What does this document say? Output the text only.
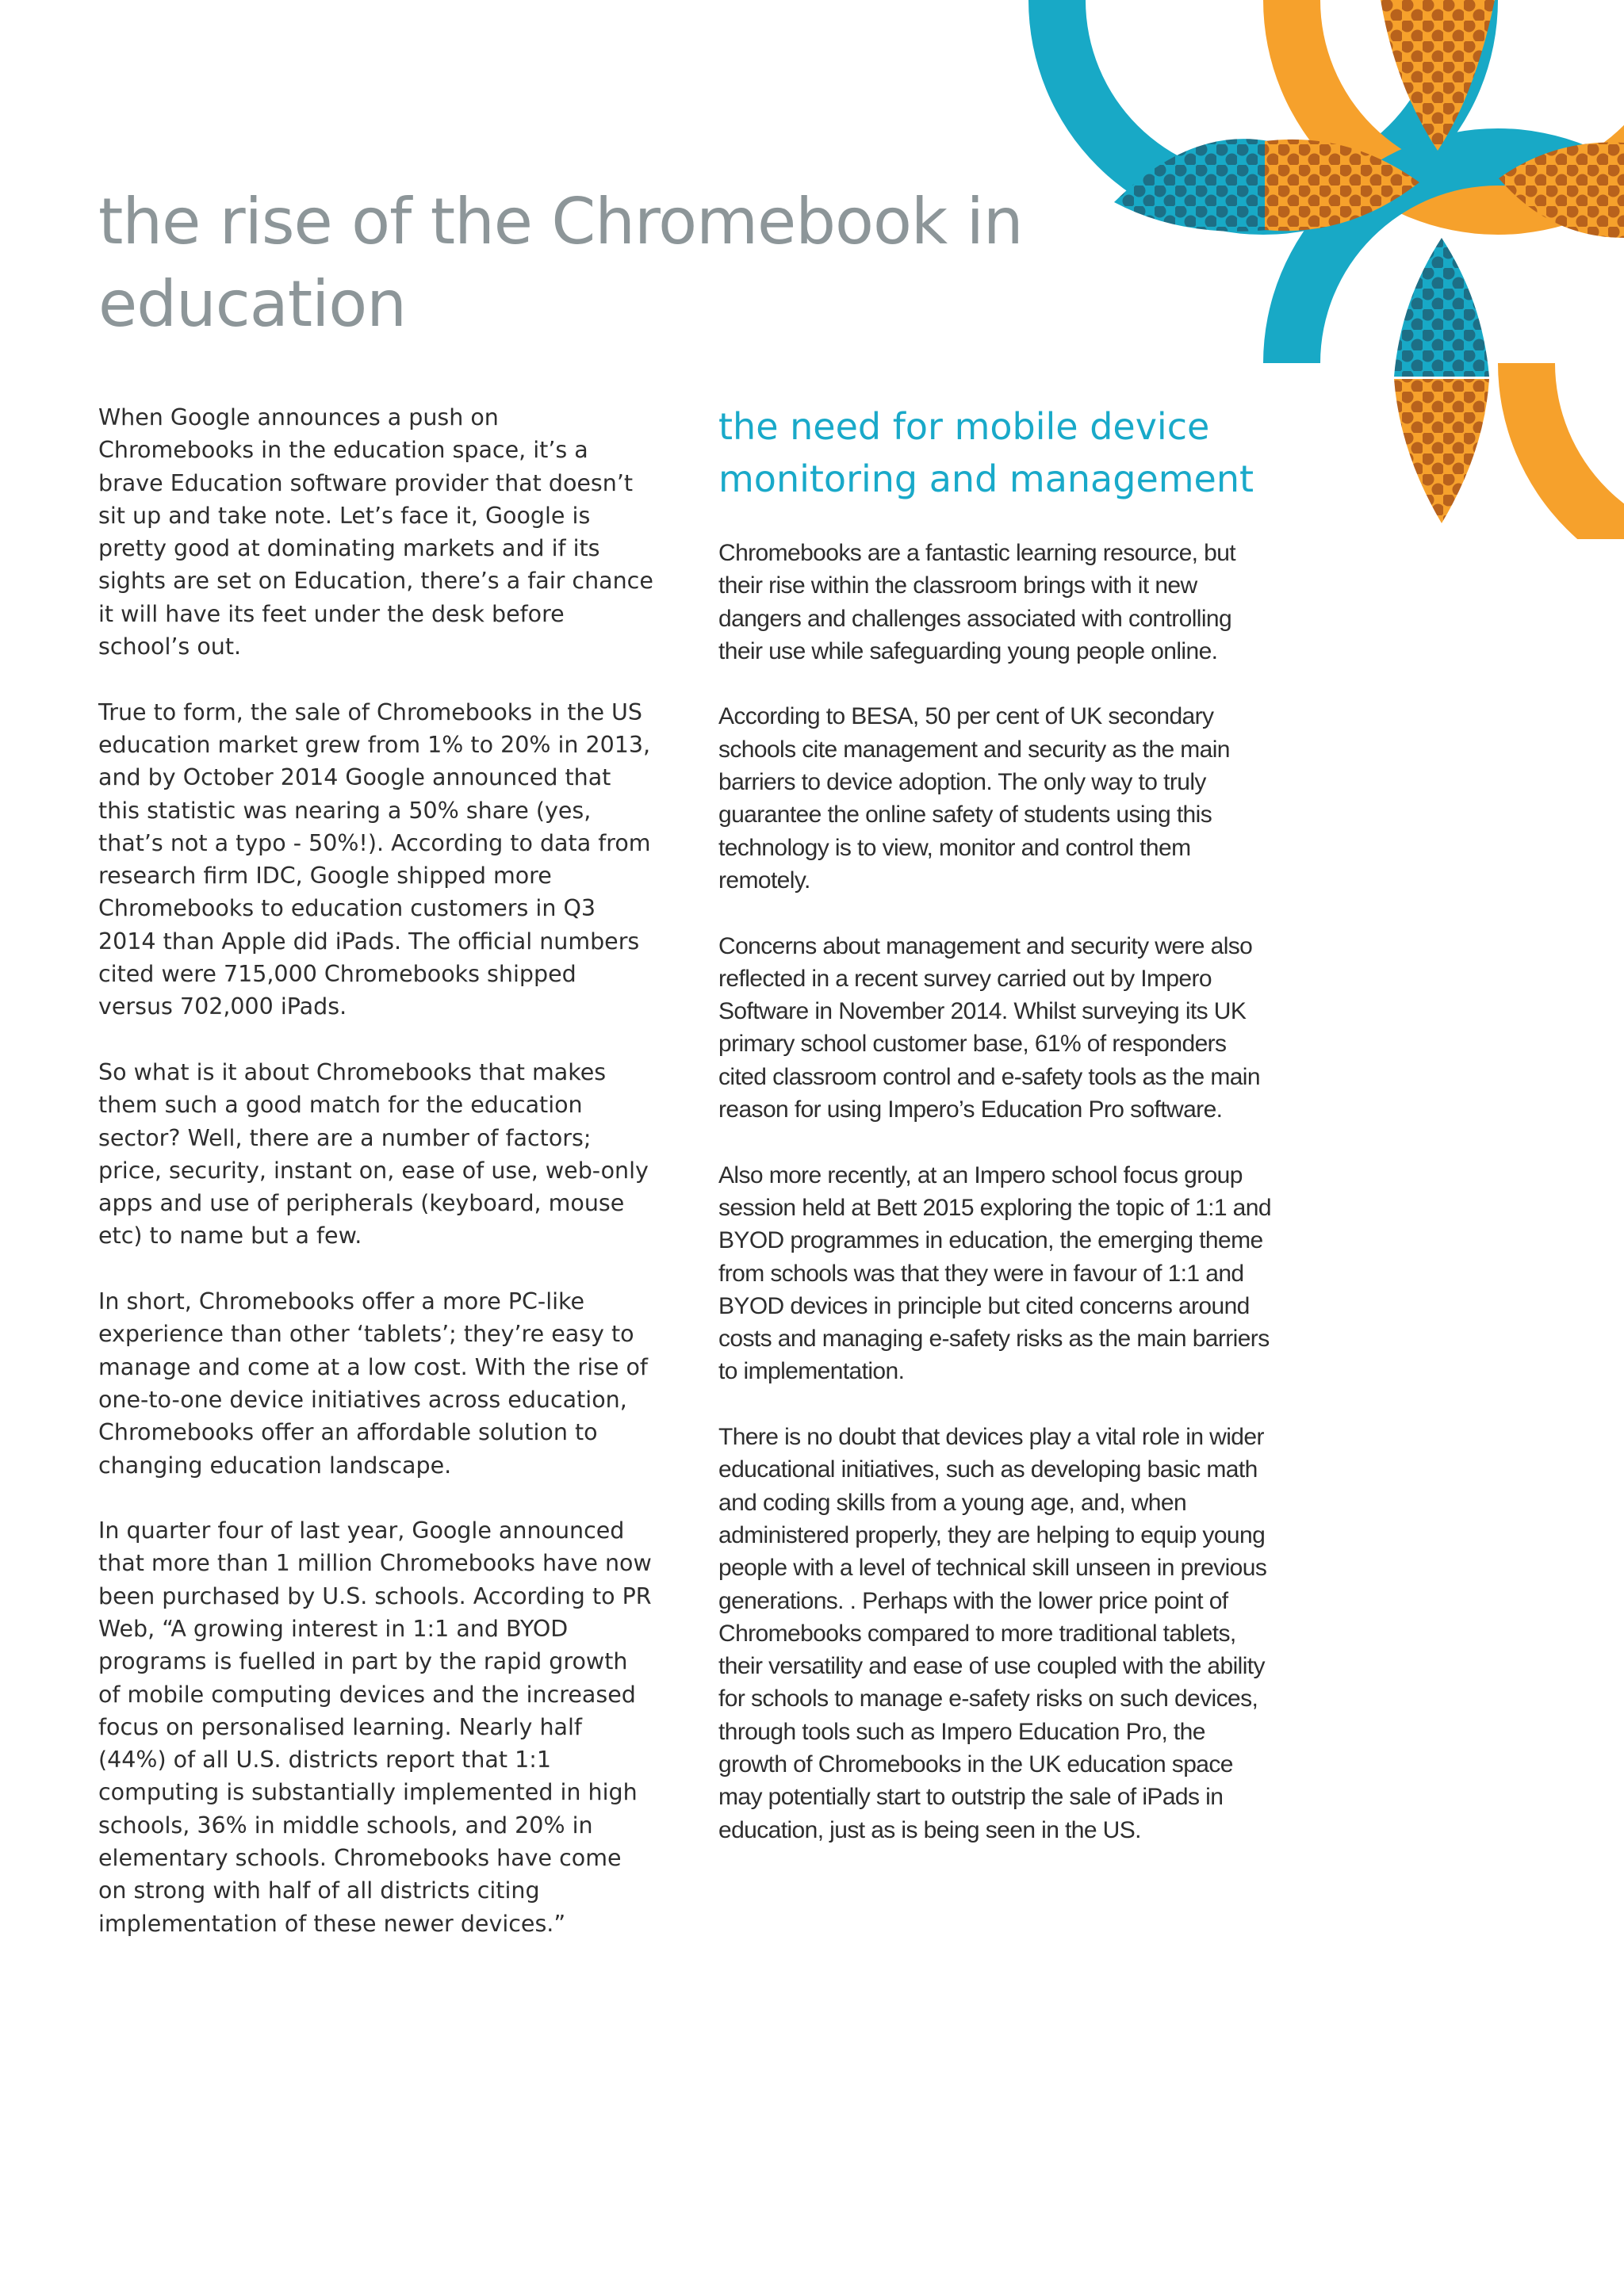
the rise of the Chromebook in education

When Google announces a push on Chromebooks in the education space, it’s a brave Education software provider that doesn’t sit up and take note. Let’s face it, Google is pretty good at dominating markets and if its sights are set on Education, there’s a fair chance it will have its feet under the desk before school’s out.

True to form, the sale of Chromebooks in the US education market grew from 1% to 20% in 2013, and by October 2014 Google announced that this statistic was nearing a 50% share (yes, that’s not a typo - 50%!). According to data from research firm IDC, Google shipped more Chromebooks to education customers in Q3 2014 than Apple did iPads. The official numbers cited were 715,000 Chromebooks shipped versus 702,000 iPads.

So what is it about Chromebooks that makes them such a good match for the education sector? Well, there are a number of factors; price, security, instant on, ease of use, web-only apps and use of peripherals (keyboard, mouse etc) to name but a few.

In short, Chromebooks offer a more PC-like experience than other ‘tablets’; they’re easy to manage and come at a low cost. With the rise of one-to-one device initiatives across education, Chromebooks offer an affordable solution to changing education landscape.

In quarter four of last year, Google announced that more than 1 million Chromebooks have now been purchased by U.S. schools. According to PR Web, “A growing interest in 1:1 and BYOD programs is fuelled in part by the rapid growth of mobile computing devices and the increased focus on personalised learning. Nearly half (44%) of all U.S. districts report that 1:1 computing is substantially implemented in high schools, 36% in middle schools, and 20% in elementary schools. Chromebooks have come on strong with half of all districts citing implementation of these newer devices.”

the need for mobile device monitoring and management

Chromebooks are a fantastic learning resource, but their rise within the classroom brings with it new dangers and challenges associated with controlling their use while safeguarding young people online.

According to BESA, 50 per cent of UK secondary schools cite management and security as the main barriers to device adoption. The only way to truly guarantee the online safety of students using this technology is to view, monitor and control them remotely.

Concerns about management and security were also reflected in a recent survey carried out by Impero Software in November 2014. Whilst surveying its UK primary school customer base, 61% of responders cited classroom control and e-safety tools as the main reason for using Impero’s Education Pro software.

Also more recently, at an Impero school focus group session held at Bett 2015 exploring the topic of 1:1 and BYOD programmes in education, the emerging theme from schools was that they were in favour of 1:1 and BYOD devices in principle but cited concerns around costs and managing e-safety risks as the main barriers to implementation.

There is no doubt that devices play a vital role in wider educational initiatives, such as developing basic math and coding skills from a young age, and, when administered properly, they are helping to equip young people with a level of technical skill unseen in previous generations. . Perhaps with the lower price point of Chromebooks compared to more traditional tablets, their versatility and ease of use coupled with the ability for schools to manage e-safety risks on such devices, through tools such as Impero Education Pro, the growth of Chromebooks in the UK education space may potentially start to outstrip the sale of iPads in education, just as is being seen in the US.
